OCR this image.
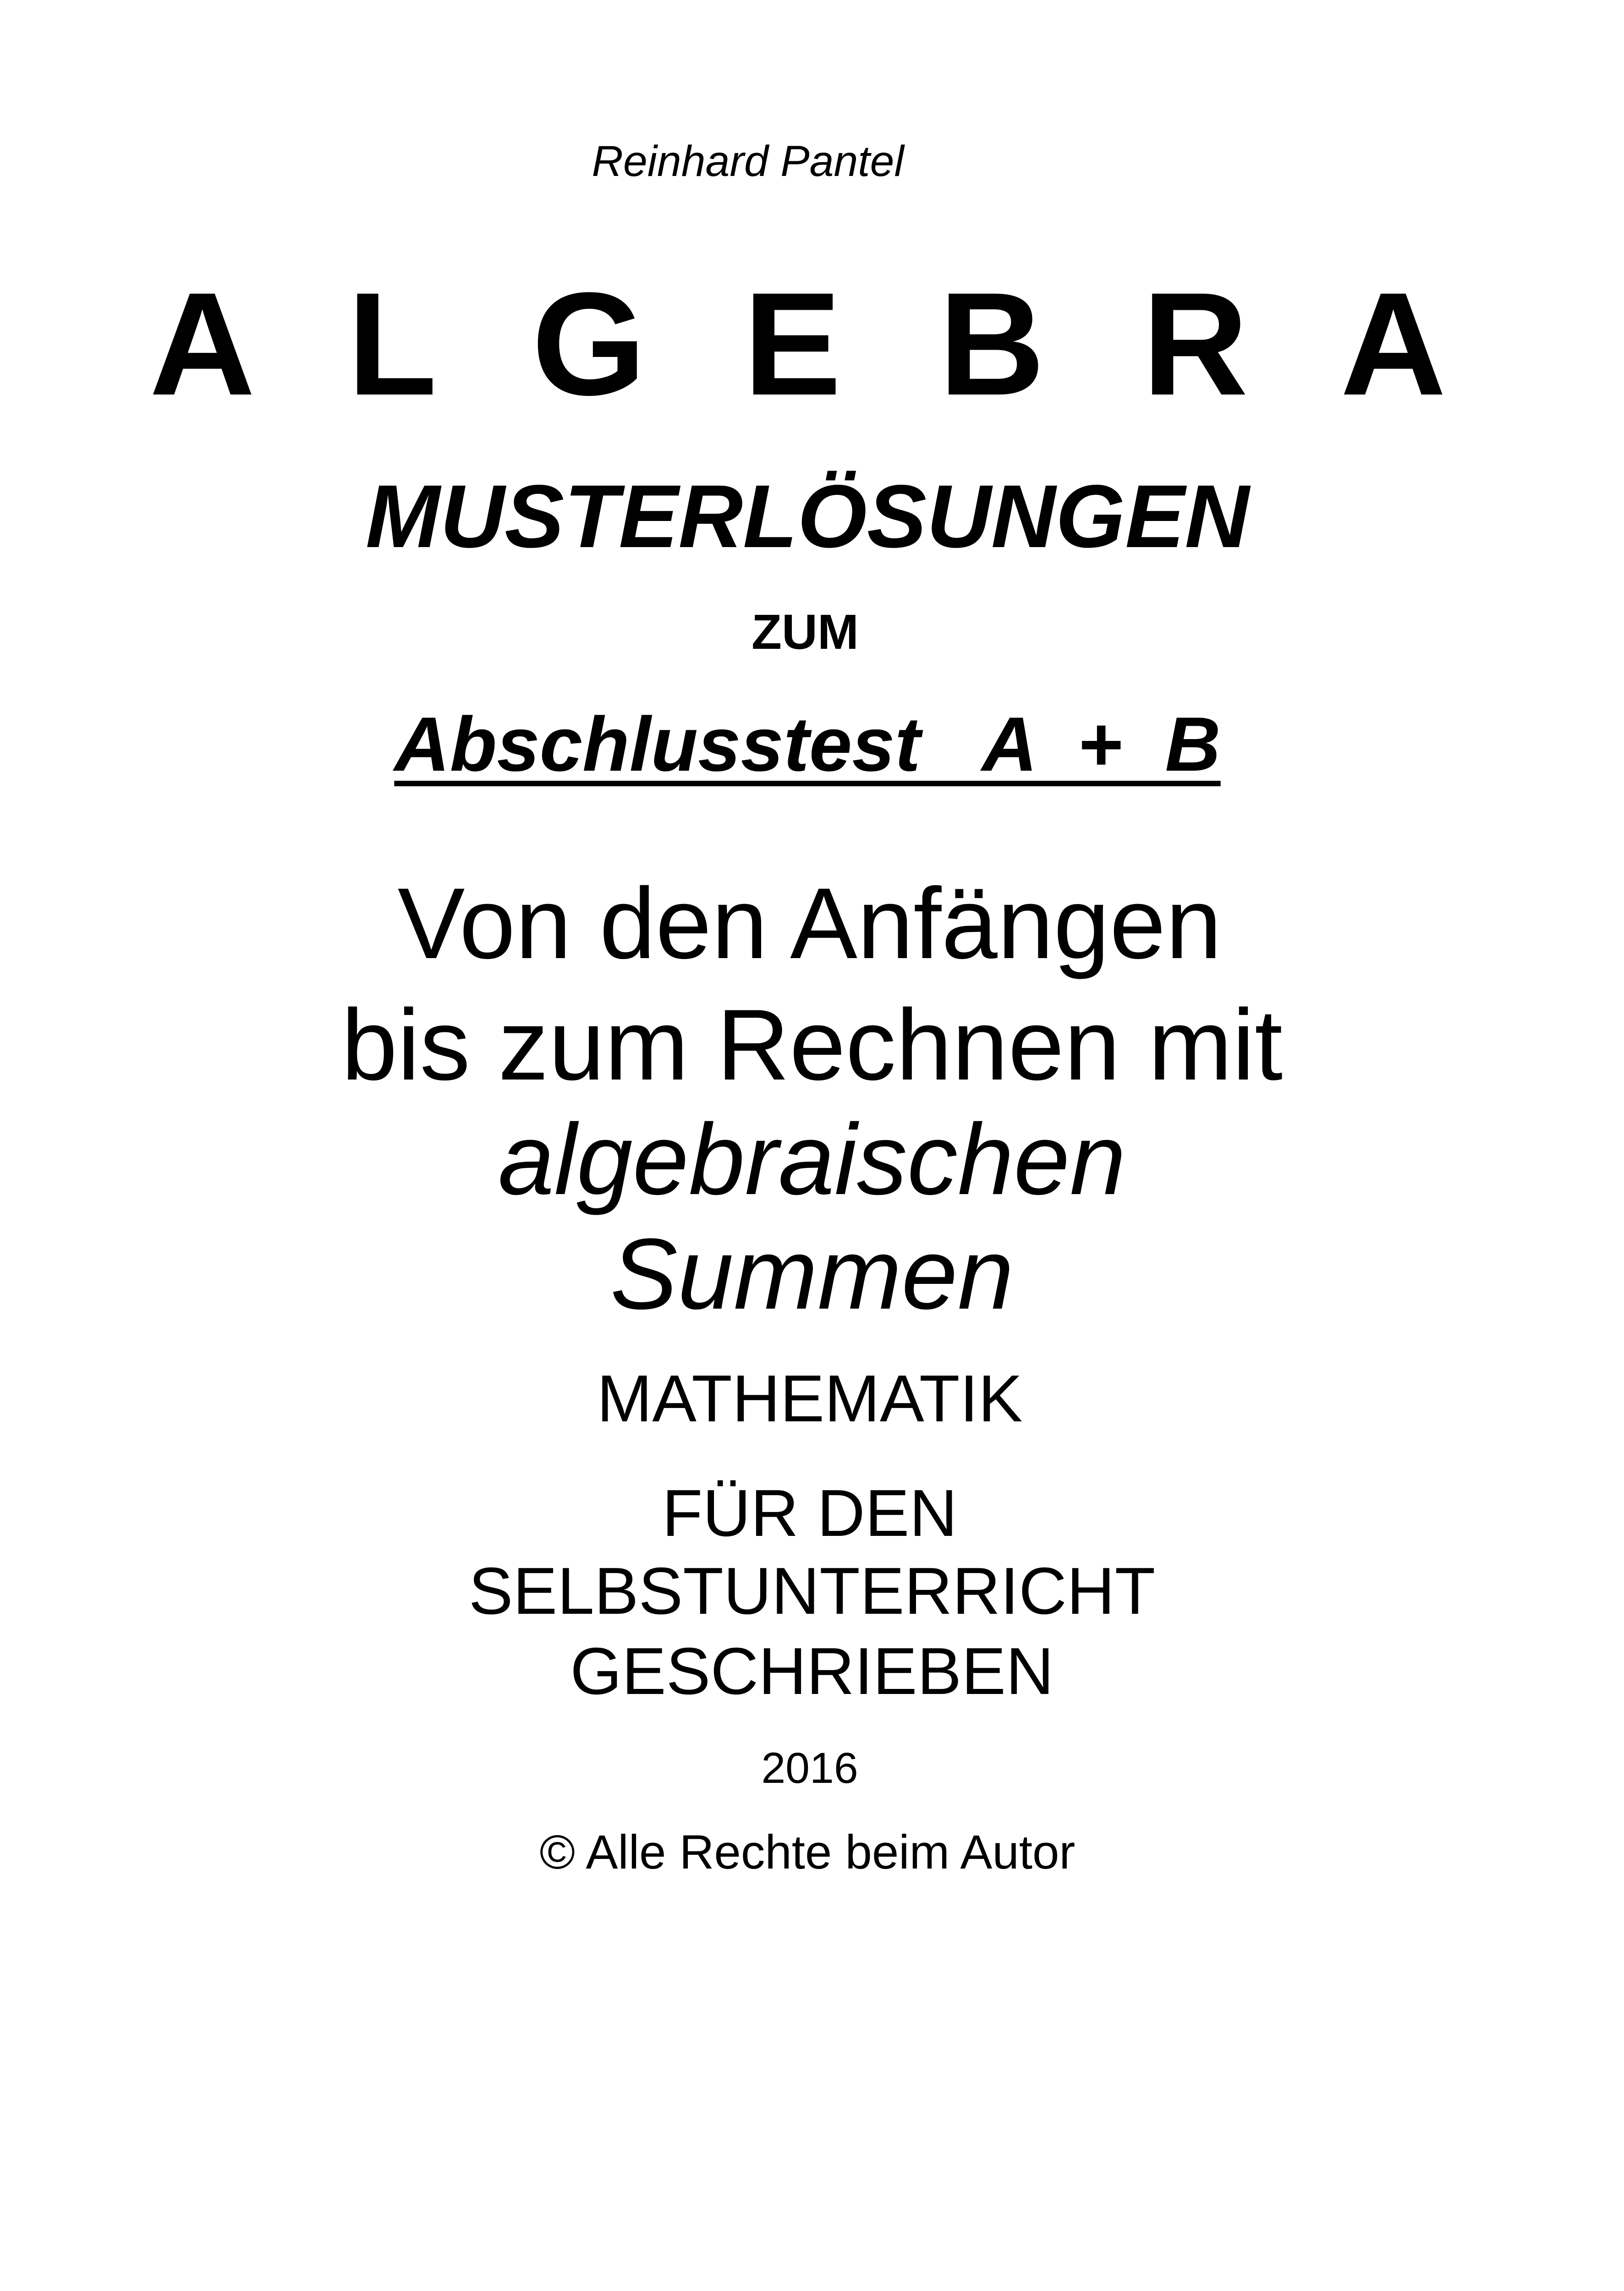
Reinhard Pantel

A L G E B R A

MUSTERLÖSUNGEN

ZUM

Abschlusstest   A  +  B

Von den Anfängen

bis zum Rechnen mit

algebraischen

Summen

MATHEMATIK

FÜR DEN

SELBSTUNTERRICHT

GESCHRIEBEN

2016

© Alle Rechte beim Autor
